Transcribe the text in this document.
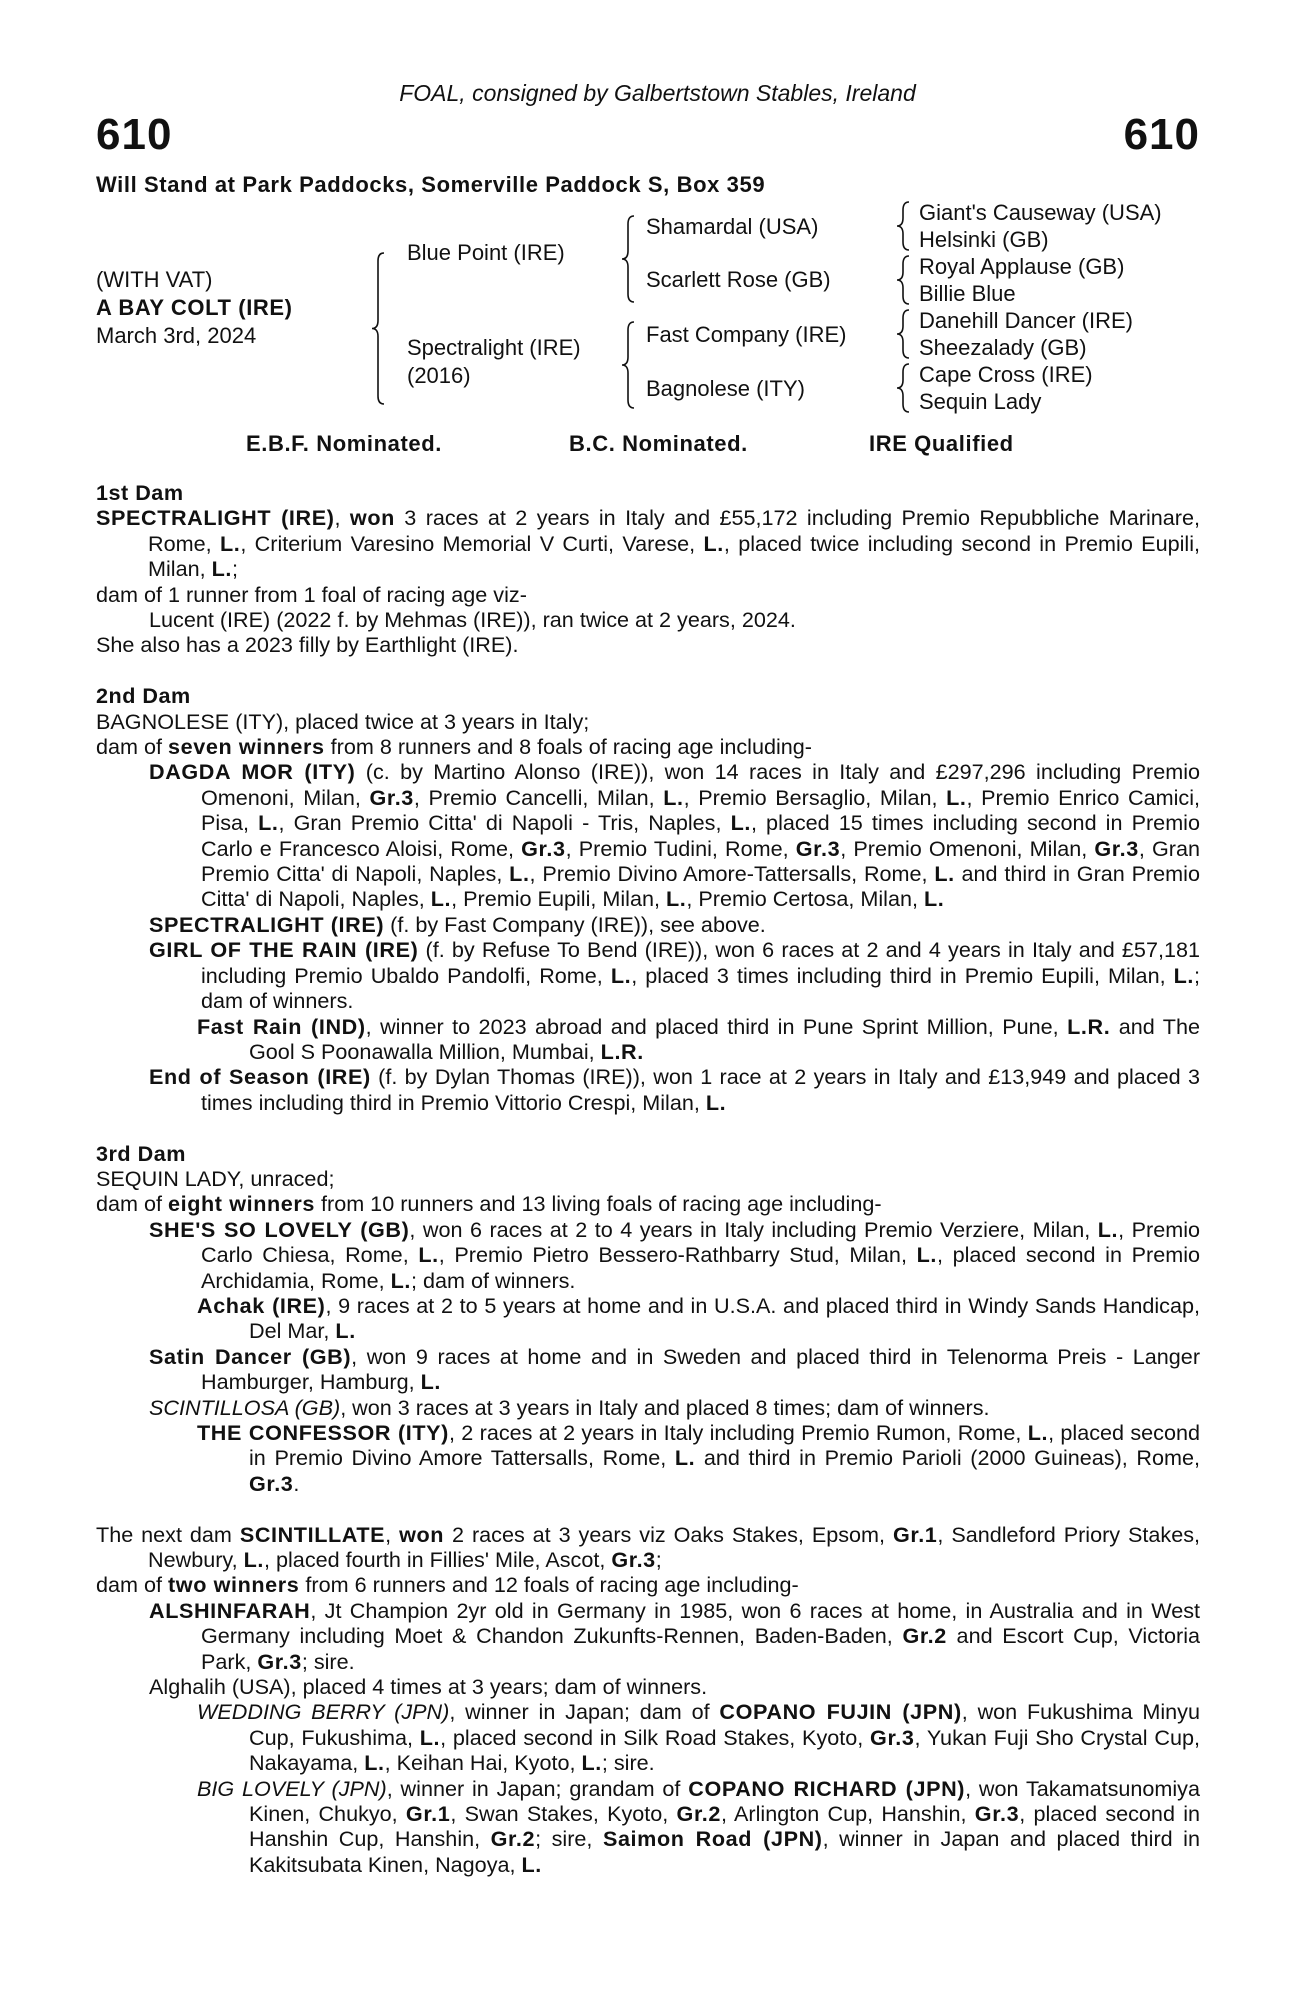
FOAL, consigned by Galbertstown Stables, Ireland
610	610
Will Stand at Park Paddocks, Somerville Paddock S, Box 359
(WITH VAT)
A BAY COLT (IRE)
March 3rd, 2024
Blue Point (IRE)
Spectralight (IRE)
(2016)
Shamardal (USA)
Scarlett Rose (GB)
Fast Company (IRE)
Bagnolese (ITY)
Giant's Causeway (USA)
Helsinki (GB)
Royal Applause (GB)
Billie Blue
Danehill Dancer (IRE)
Sheezalady (GB)
Cape Cross (IRE)
Sequin Lady
E.B.F. Nominated.	B.C. Nominated.	IRE Qualified
1st Dam
SPECTRALIGHT (IRE), won 3 races at 2 years in Italy and £55,172 including Premio Repubbliche Marinare, Rome, L., Criterium Varesino Memorial V Curti, Varese, L., placed twice including second in Premio Eupili, Milan, L.;
dam of 1 runner from 1 foal of racing age viz-
Lucent (IRE) (2022 f. by Mehmas (IRE)), ran twice at 2 years, 2024.
She also has a 2023 filly by Earthlight (IRE).
2nd Dam
BAGNOLESE (ITY), placed twice at 3 years in Italy;
dam of seven winners from 8 runners and 8 foals of racing age including-
DAGDA MOR (ITY) (c. by Martino Alonso (IRE)), won 14 races in Italy and £297,296 including Premio Omenoni, Milan, Gr.3, Premio Cancelli, Milan, L., Premio Bersaglio, Milan, L., Premio Enrico Camici, Pisa, L., Gran Premio Citta' di Napoli - Tris, Naples, L., placed 15 times including second in Premio Carlo e Francesco Aloisi, Rome, Gr.3, Premio Tudini, Rome, Gr.3, Premio Omenoni, Milan, Gr.3, Gran Premio Citta' di Napoli, Naples, L., Premio Divino Amore-Tattersalls, Rome, L. and third in Gran Premio Citta' di Napoli, Naples, L., Premio Eupili, Milan, L., Premio Certosa, Milan, L.
SPECTRALIGHT (IRE) (f. by Fast Company (IRE)), see above.
GIRL OF THE RAIN (IRE) (f. by Refuse To Bend (IRE)), won 6 races at 2 and 4 years in Italy and £57,181 including Premio Ubaldo Pandolfi, Rome, L., placed 3 times including third in Premio Eupili, Milan, L.; dam of winners.
Fast Rain (IND), winner to 2023 abroad and placed third in Pune Sprint Million, Pune, L.R. and The Gool S Poonawalla Million, Mumbai, L.R.
End of Season (IRE) (f. by Dylan Thomas (IRE)), won 1 race at 2 years in Italy and £13,949 and placed 3 times including third in Premio Vittorio Crespi, Milan, L.
3rd Dam
SEQUIN LADY, unraced;
dam of eight winners from 10 runners and 13 living foals of racing age including-
SHE'S SO LOVELY (GB), won 6 races at 2 to 4 years in Italy including Premio Verziere, Milan, L., Premio Carlo Chiesa, Rome, L., Premio Pietro Bessero-Rathbarry Stud, Milan, L., placed second in Premio Archidamia, Rome, L.; dam of winners.
Achak (IRE), 9 races at 2 to 5 years at home and in U.S.A. and placed third in Windy Sands Handicap, Del Mar, L.
Satin Dancer (GB), won 9 races at home and in Sweden and placed third in Telenorma Preis - Langer Hamburger, Hamburg, L.
SCINTILLOSA (GB), won 3 races at 3 years in Italy and placed 8 times; dam of winners.
THE CONFESSOR (ITY), 2 races at 2 years in Italy including Premio Rumon, Rome, L., placed second in Premio Divino Amore Tattersalls, Rome, L. and third in Premio Parioli (2000 Guineas), Rome, Gr.3.
The next dam SCINTILLATE, won 2 races at 3 years viz Oaks Stakes, Epsom, Gr.1, Sandleford Priory Stakes, Newbury, L., placed fourth in Fillies' Mile, Ascot, Gr.3;
dam of two winners from 6 runners and 12 foals of racing age including-
ALSHINFARAH, Jt Champion 2yr old in Germany in 1985, won 6 races at home, in Australia and in West Germany including Moet & Chandon Zukunfts-Rennen, Baden-Baden, Gr.2 and Escort Cup, Victoria Park, Gr.3; sire.
Alghalih (USA), placed 4 times at 3 years; dam of winners.
WEDDING BERRY (JPN), winner in Japan; dam of COPANO FUJIN (JPN), won Fukushima Minyu Cup, Fukushima, L., placed second in Silk Road Stakes, Kyoto, Gr.3, Yukan Fuji Sho Crystal Cup, Nakayama, L., Keihan Hai, Kyoto, L.; sire.
BIG LOVELY (JPN), winner in Japan; grandam of COPANO RICHARD (JPN), won Takamatsunomiya Kinen, Chukyo, Gr.1, Swan Stakes, Kyoto, Gr.2, Arlington Cup, Hanshin, Gr.3, placed second in Hanshin Cup, Hanshin, Gr.2; sire, Saimon Road (JPN), winner in Japan and placed third in Kakitsubata Kinen, Nagoya, L.
